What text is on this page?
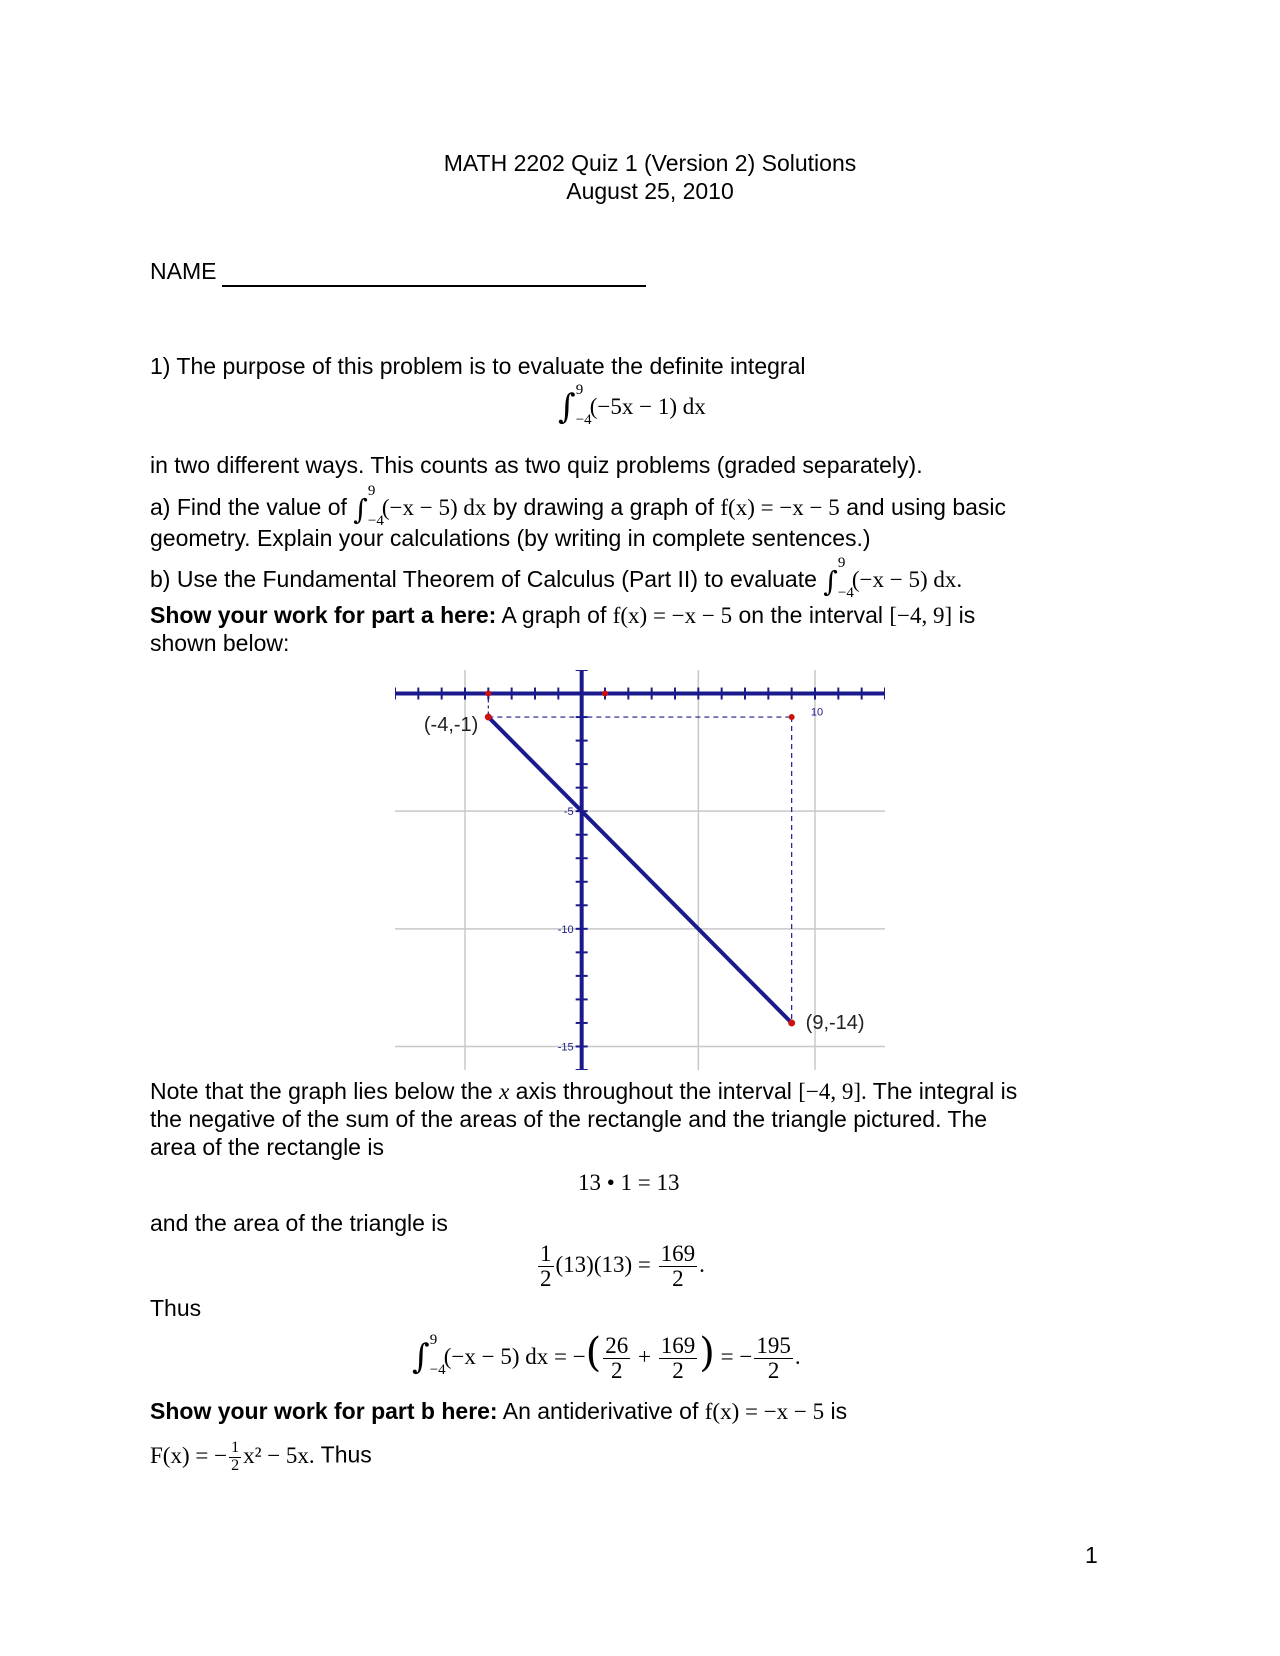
MATH 2202 Quiz 1 (Version 2) Solutions
August 25, 2010
NAME
1) The purpose of this problem is to evaluate the definite integral
∫ 9
−4
(−5x − 1) dx
in two different ways. This counts as two quiz problems (graded separately).
a) Find the value of ∫
9
−4
(−x − 5) dx by drawing a graph of f(x) = −x − 5 and using basic
geometry. Explain your calculations (by writing in complete sentences.)
b) Use the Fundamental Theorem of Calculus (Part II) to evaluate ∫
9
−4
(−x − 5) dx.
Show your work for part a here: A graph of f(x) = −x − 5 on the interval [−4, 9] is
shown below:
-5
-10
-15
10
(-4,-1)
(9,-14)
Note that the graph lies below the x axis throughout the interval [−4, 9]. The integral is
the negative of the sum of the areas of the rectangle and the triangle pictured. The
area of the rectangle is
13 • 1 = 13
and the area of the triangle is
$\frac{1}{2} (13)(13) = \frac{169}{2}$ .
Thus
∫ 9
−4
(−x − 5) dx = −( $\frac{26}{2} + \frac{169}{2}$ ) = − $\frac{195}{2}$ .
Show your work for part b here: An antiderivative of f(x) = −x − 5 is
F(x) = − $\frac{1}{2} x^2 - 5x$. Thus
1
